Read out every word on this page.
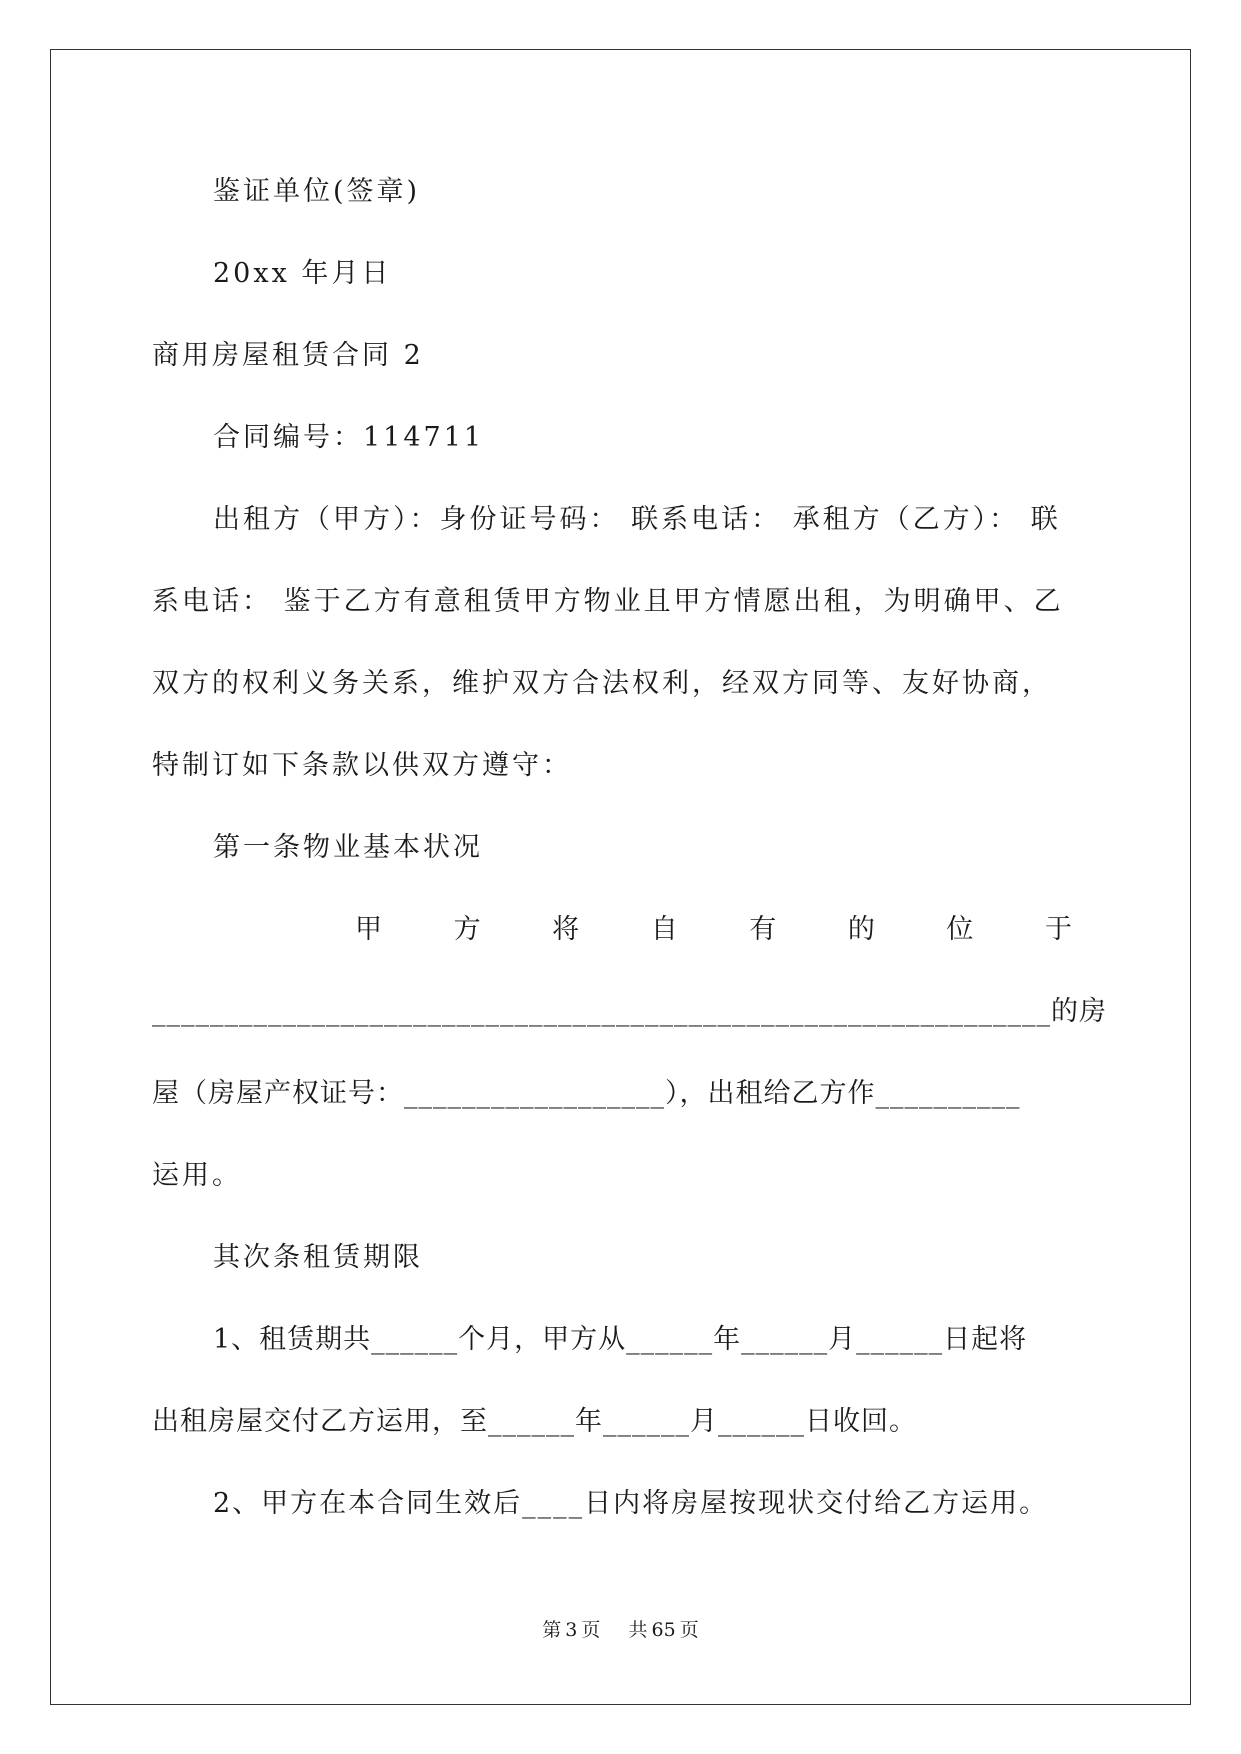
鉴证单位(签章)

20xx 年月日

商用房屋租赁合同 2

合同编号：114711

出租方（甲方）：身份证号码： 联系电话： 承租方（乙方）： 联

系电话： 鉴于乙方有意租赁甲方物业且甲方情愿出租，为明确甲、乙

双方的权利义务关系，维护双方合法权利，经双方同等、友好协商，

特制订如下条款以供双方遵守：

第一条物业基本状况

甲	方	将	自	有	的	位	于

______________________________________________________________的房

屋（房屋产权证号：__________________），出租给乙方作__________

运用。

其次条租赁期限

1、租赁期共______个月，甲方从______年______月______日起将

出租房屋交付乙方运用，至______年______月______日收回。

2、甲方在本合同生效后____日内将房屋按现状交付给乙方运用。

第 3 页 共 65 页
